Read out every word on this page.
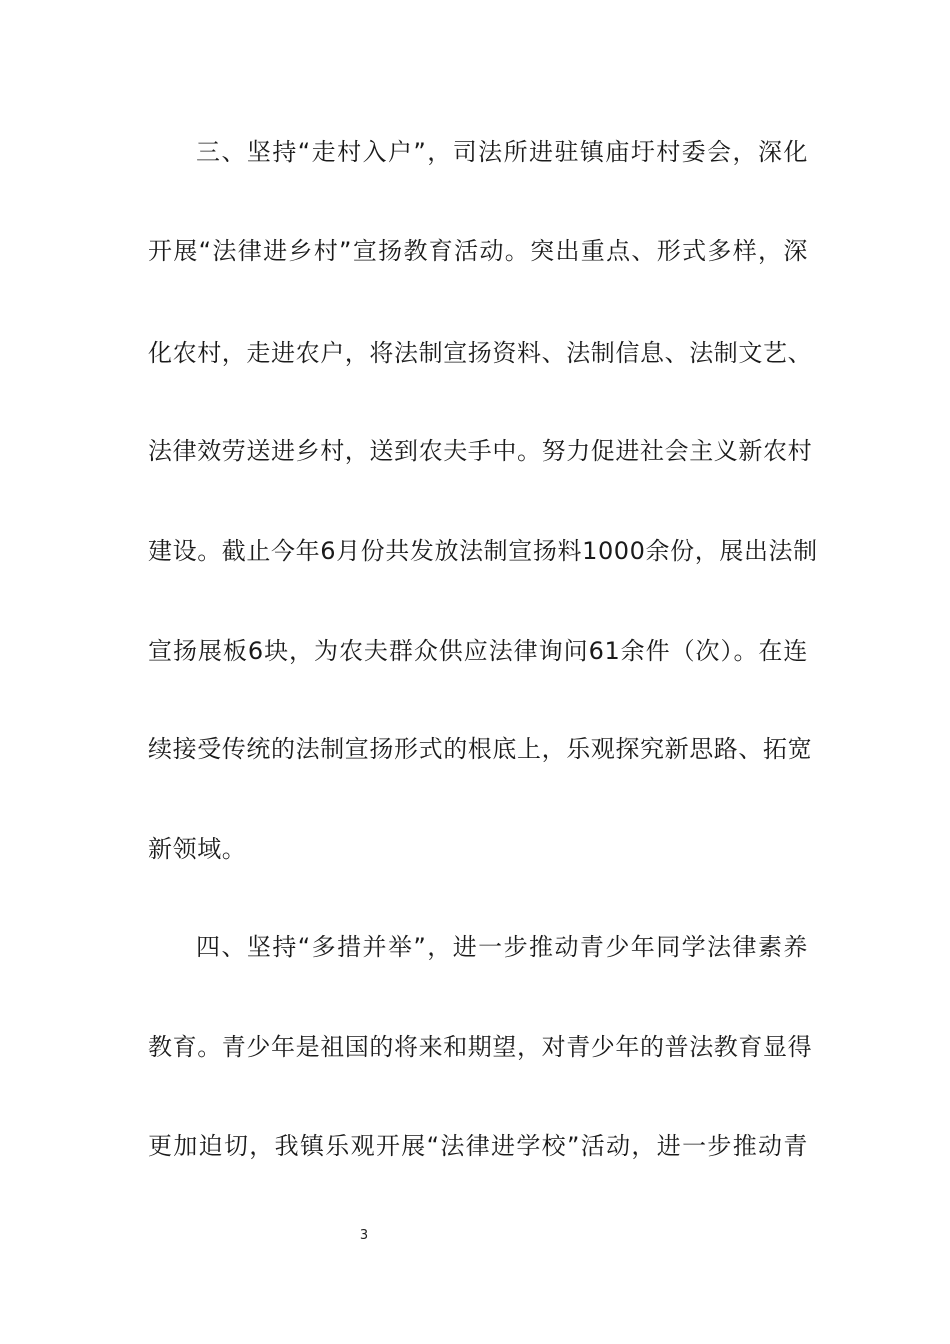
三、坚持“走村入户”，司法所进驻镇庙圩村委会，深化
开展“法律进乡村”宣扬教育活动。突出重点、形式多样，深
化农村，走进农户，将法制宣扬资料、法制信息、法制文艺、
法律效劳送进乡村，送到农夫手中。努力促进社会主义新农村
建设。截止今年6月份共发放法制宣扬料1000余份，展出法制
宣扬展板6块，为农夫群众供应法律询问61余件（次）。在连
续接受传统的法制宣扬形式的根底上，乐观探究新思路、拓宽
新领域。
四、坚持“多措并举”，进一步推动青少年同学法律素养
教育。青少年是祖国的将来和期望，对青少年的普法教育显得
更加迫切，我镇乐观开展“法律进学校”活动，进一步推动青
3
